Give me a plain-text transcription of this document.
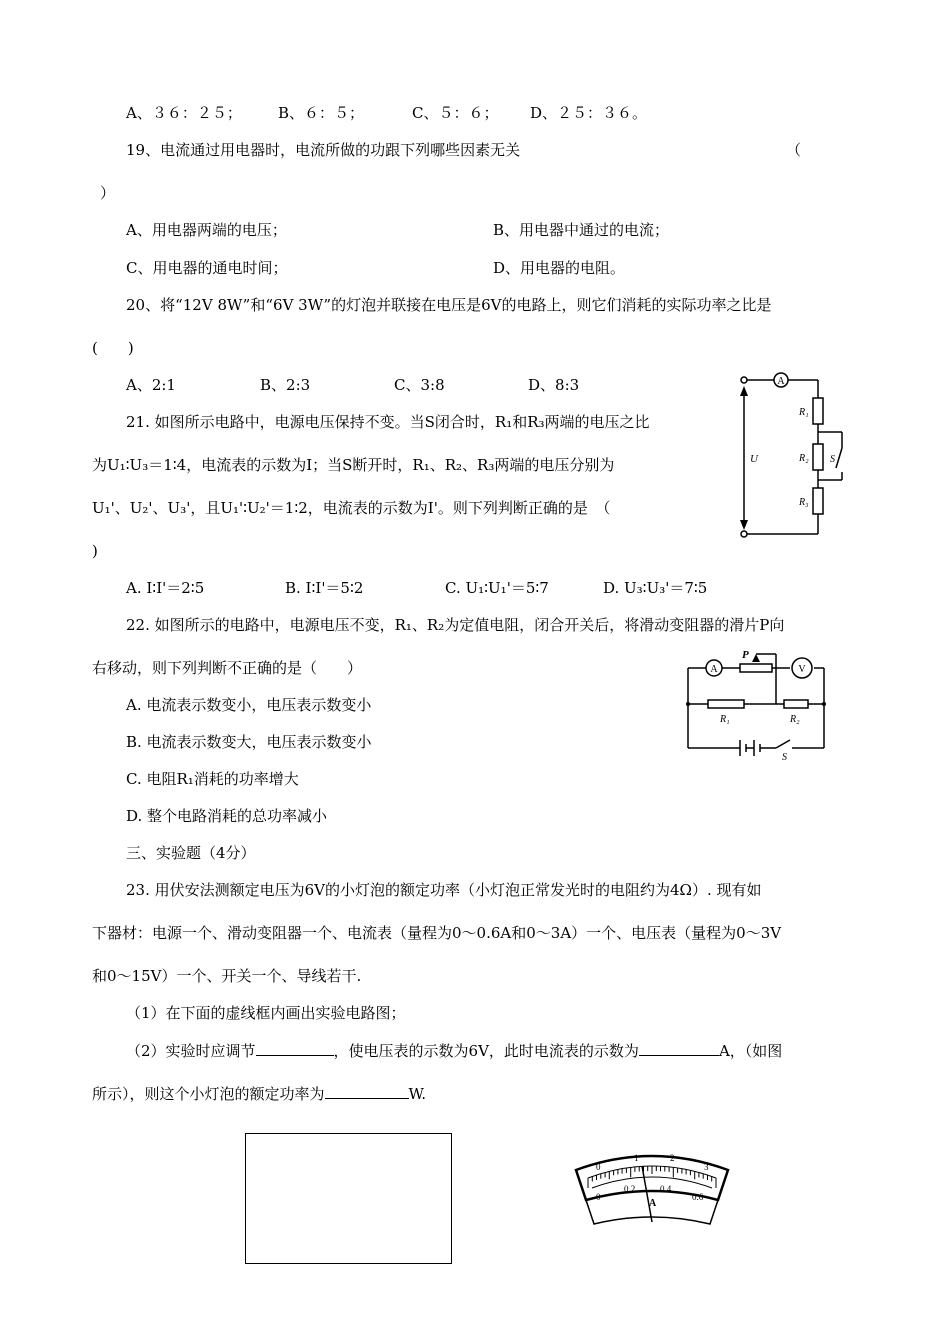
A、３６：２５； B、６：５；	C、５：６； D、２５：３６。
19、电流通过用电器时，电流所做的功跟下列哪些因素无关	（
）
A、用电器两端的电压；	B、用电器中通过的电流；
C、用电器的通电时间；	D、用电器的电阻。
20、将“12V 8W”和“6V 3W”的灯泡并联接在电压是6V的电路上，则它们消耗的实际功率之比是
(　　)
A、2:1	B、2:3	C、3:8	D、8:3
21. 如图所示电路中，电源电压保持不变。当S闭合时，R₁和R₃两端的电压之比
为U₁∶U₃＝1∶4，电流表的示数为I；当S断开时，R₁、R₂、R₃两端的电压分别为
U₁'、U₂'、U₃'，且U₁'∶U₂'＝1∶2，电流表的示数为I'。则下列判断正确的是　（
)
A. I∶I'＝2∶5	B. I∶I'＝5∶2	C. U₁∶U₁'＝5∶7	D. U₃∶U₃'＝7∶5
A
U
R₁
R₂
R₃
S
22. 如图所示的电路中，电源电压不变，R₁、R₂为定值电阻，闭合开关后，将滑动变阻器的滑片P向
右移动，则下列判断不正确的是（　　）
A. 电流表示数变小，电压表示数变小
B. 电流表示数变大，电压表示数变小
C. 电阻R₁消耗的功率增大
D. 整个电路消耗的总功率减小
A	V
P
R₁	R₂
S
三、实验题（4分）
23. 用伏安法测额定电压为6V的小灯泡的额定功率（小灯泡正常发光时的电阻约为4Ω）. 现有如
下器材：电源一个、滑动变阻器一个、电流表（量程为0～0.6A和0～3A）一个、电压表（量程为0～3V
和0～15V）一个、开关一个、导线若干.
（1）在下面的虚线框内画出实验电路图；
（2）实验时应调节	，使电压表的示数为6V，此时电流表的示数为	A，（如图
所示），则这个小灯泡的额定功率为	W.
0
1	2
3
0
0.2	0.4
0.6
A
